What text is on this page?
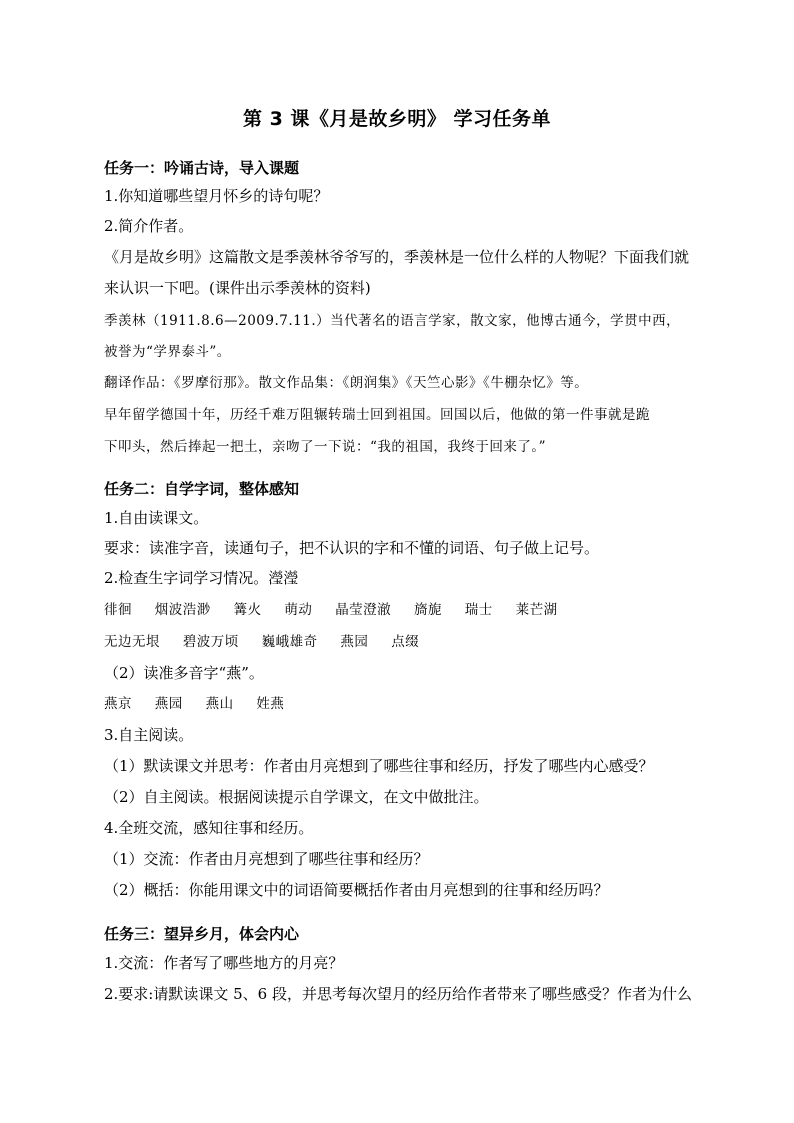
第 3 课《月是故乡明》 学习任务单
任务一：吟诵古诗，导入课题
1.你知道哪些望月怀乡的诗句呢？
2.简介作者。
《月是故乡明》这篇散文是季羡林爷爷写的，季羡林是一位什么样的人物呢？下面我们就
来认识一下吧。(课件出示季羡林的资料)
季羡林（1911.8.6—2009.7.11.）当代著名的语言学家，散文家，他博古通今，学贯中西，
被誉为“学界泰斗”。
翻译作品：《罗摩衍那》。散文作品集：《朗润集》《天竺心影》《牛棚杂忆》等。
早年留学德国十年，历经千难万阻辗转瑞士回到祖国。回国以后，他做的第一件事就是跪
下叩头，然后捧起一把土，亲吻了一下说：“我的祖国，我终于回来了。”
任务二：自学字词，整体感知
1.自由读课文。
要求：读准字音，读通句子，把不认识的字和不懂的词语、句子做上记号。
2.检查生字词学习情况。瀅瀅
徘徊 烟波浩渺 篝火 萌动 晶莹澄澈 旖旎 瑞士 莱芒湖
无边无垠 碧波万顷 巍峨雄奇 燕园 点缀
（2）读准多音字“燕”。
燕京 燕园 燕山 姓燕
3.自主阅读。
（1）默读课文并思考：作者由月亮想到了哪些往事和经历，抒发了哪些内心感受？
（2）自主阅读。根据阅读提示自学课文，在文中做批注。
4.全班交流，感知往事和经历。
（1）交流：作者由月亮想到了哪些往事和经历？
（2）概括：你能用课文中的词语简要概括作者由月亮想到的往事和经历吗？
任务三：望异乡月，体会内心
1.交流：作者写了哪些地方的月亮？
2.要求:请默读课文 5、6 段，并思考每次望月的经历给作者带来了哪些感受？作者为什么
